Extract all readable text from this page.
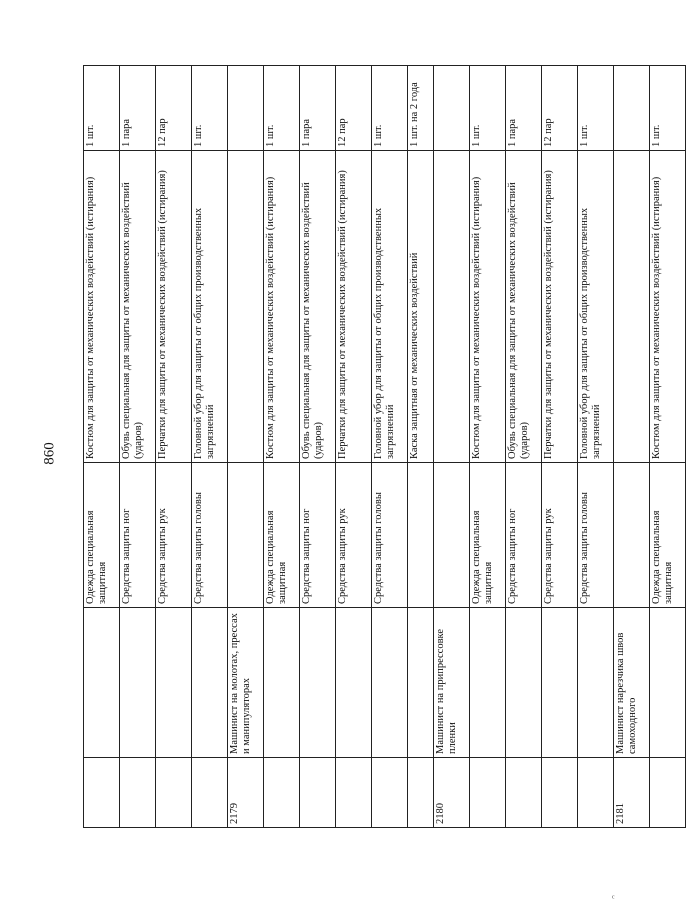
860
		Одежда специальная защитная	Костюм для защиты от механических воздействий (истирания)	1 шт.
		Средства защиты ног	Обувь специальная для защиты от механических воздействий (ударов)	1 пара
		Средства защиты рук	Перчатки для защиты от механических воздействий (истирания)	12 пар
		Средства защиты головы	Головной убор для защиты от общих производственных загрязнений	1 шт.
2179	Машинист на молотах, прессах и манипуляторах			
		Одежда специальная защитная	Костюм для защиты от механических воздействий (истирания)	1 шт.
		Средства защиты ног	Обувь специальная для защиты от механических воздействий (ударов)	1 пара
		Средства защиты рук	Перчатки для защиты от механических воздействий (истирания)	12 пар
		Средства защиты головы	Головной убор для защиты от общих производственных загрязнений	1 шт.
			Каска защитная от механических воздействий	1 шт. на 2 года
2180	Машинист на припрессовке пленки			
		Одежда специальная защитная	Костюм для защиты от механических воздействий (истирания)	1 шт.
		Средства защиты ног	Обувь специальная для защиты от механических воздействий (ударов)	1 пара
		Средства защиты рук	Перчатки для защиты от механических воздействий (истирания)	12 пар
		Средства защиты головы	Головной убор для защиты от общих производственных загрязнений	1 шт.
2181	Машинист нарезчика швов самоходного			
		Одежда специальная защитная	Костюм для защиты от механических воздействий (истирания)	1 шт.
ᶜ
